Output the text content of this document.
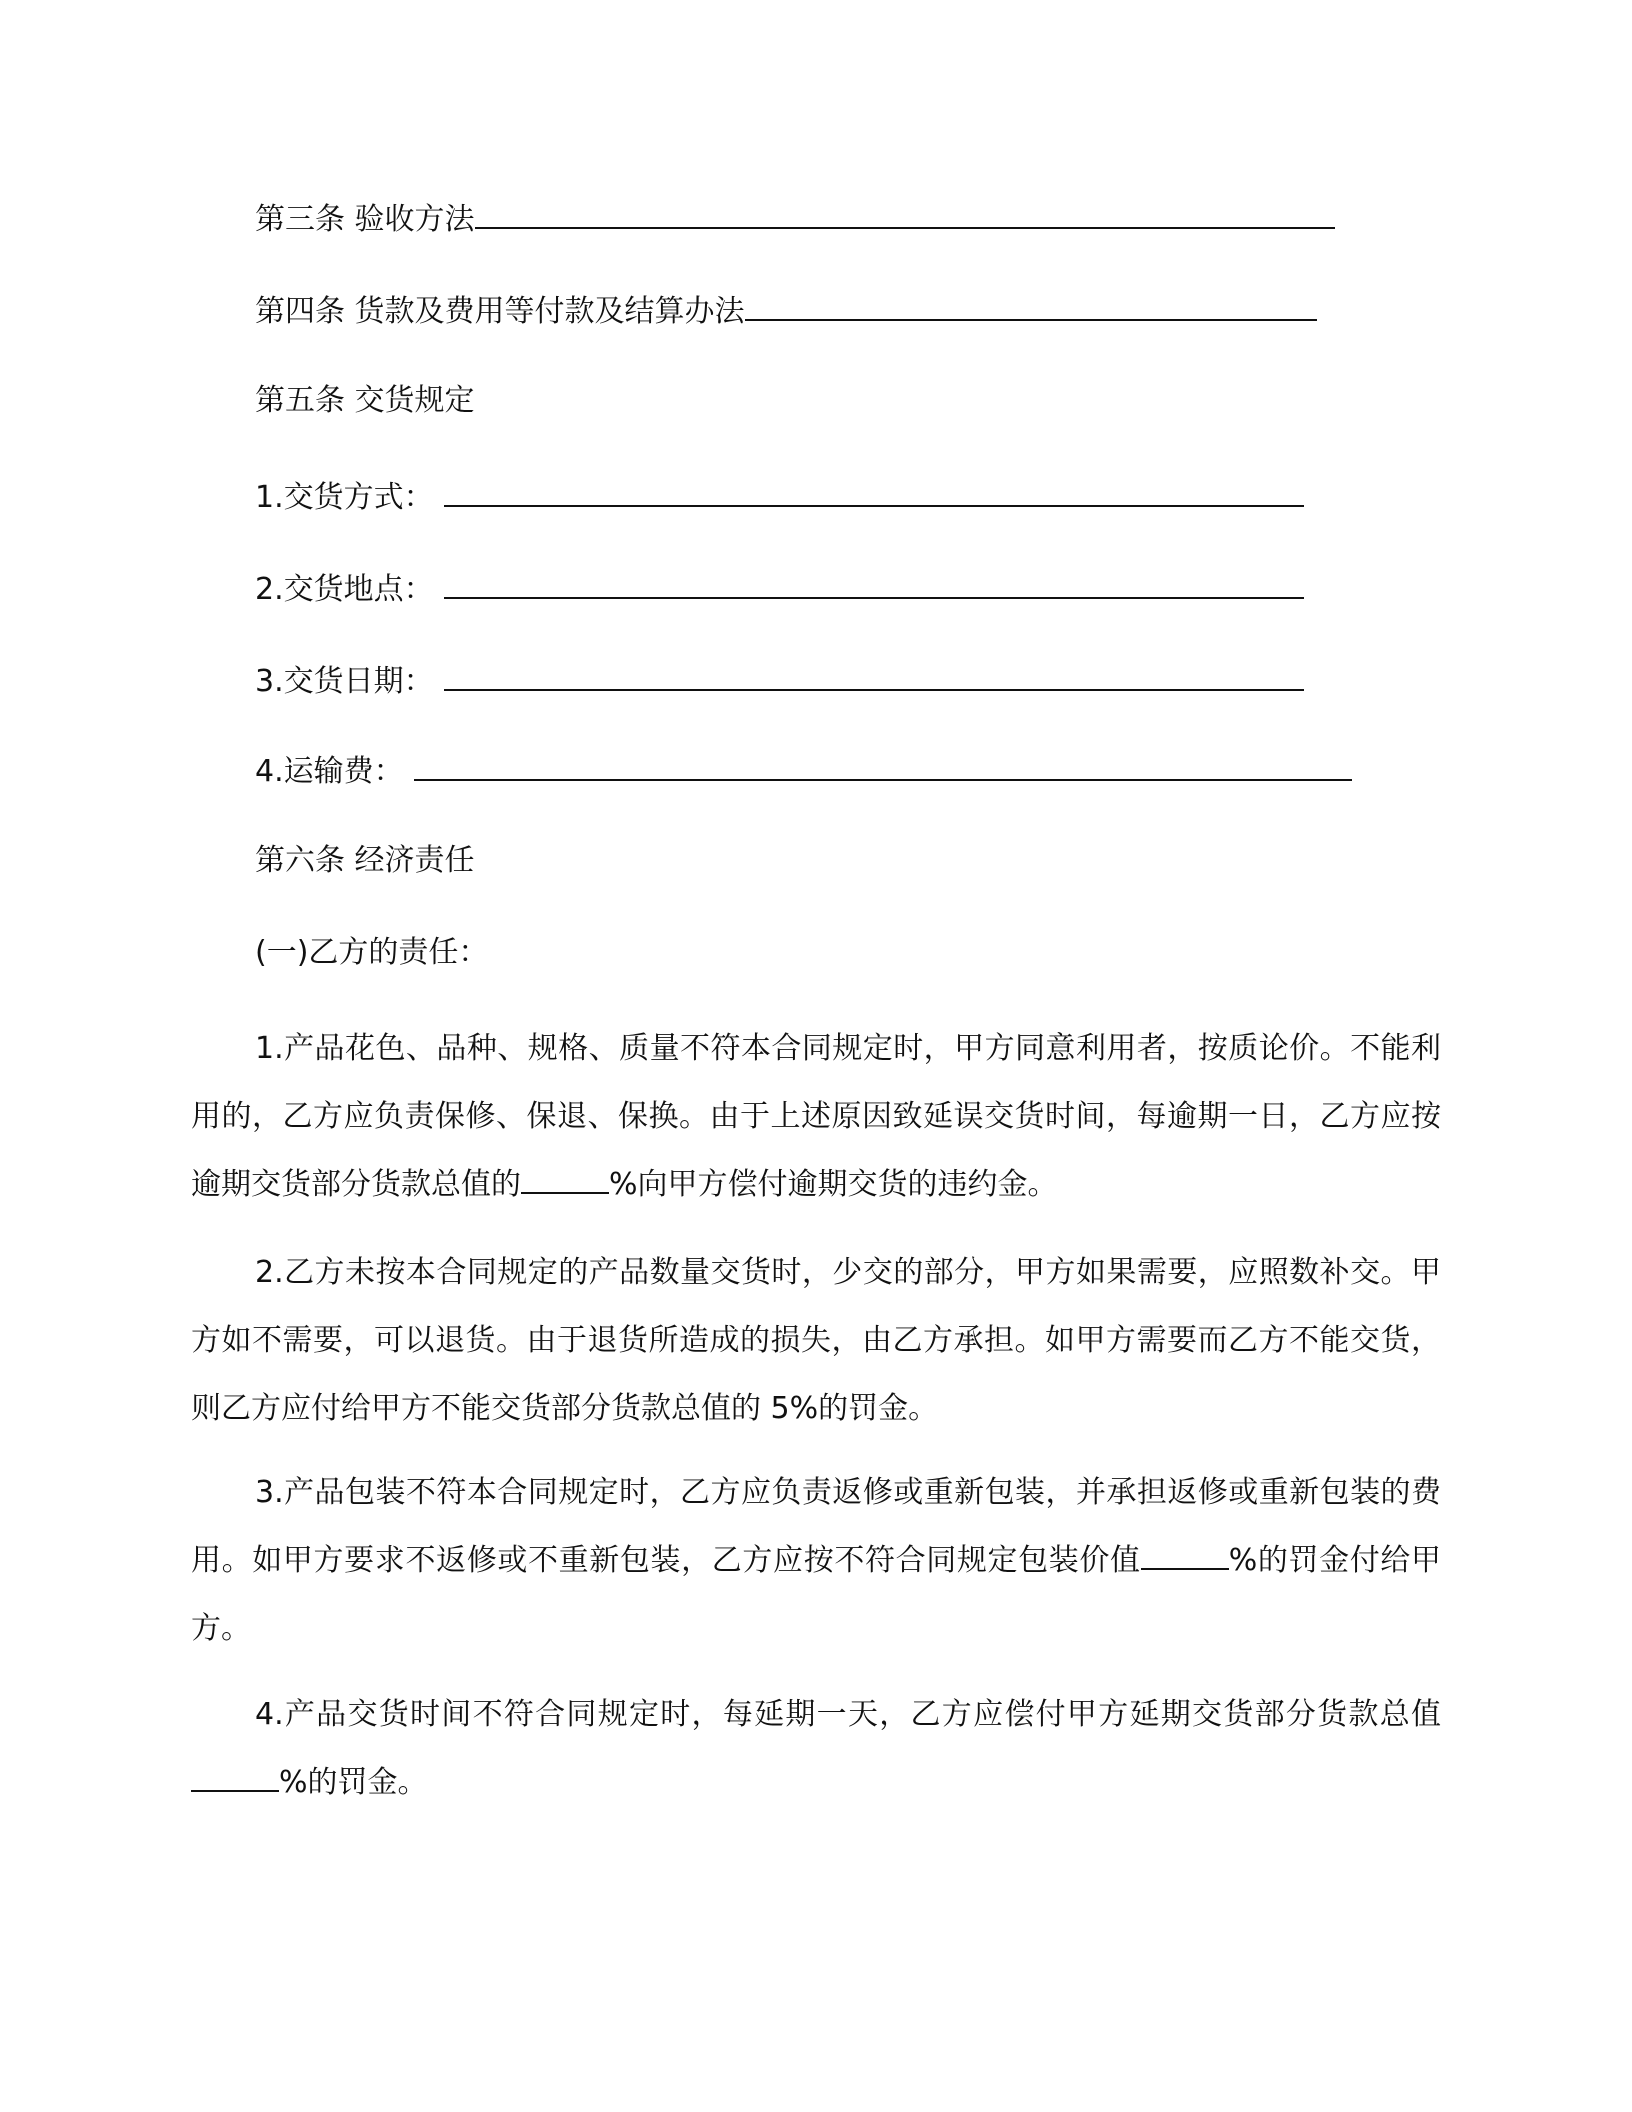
第三条 验收方法
第四条 货款及费用等付款及结算办法
第五条 交货规定
1.交货方式：
2.交货地点：
3.交货日期：
4.运输费：
第六条 经济责任
(一)乙方的责任：
1.产品花色、品种、规格、质量不符本合同规定时，甲方同意利用者，按质论价。不能利用的，乙方应负责保修、保退、保换。由于上述原因致延误交货时间，每逾期一日，乙方应按逾期交货部分货款总值的	%向甲方偿付逾期交货的违约金。
2.乙方未按本合同规定的产品数量交货时，少交的部分，甲方如果需要，应照数补交。甲方如不需要，可以退货。由于退货所造成的损失，由乙方承担。如甲方需要而乙方不能交货，则乙方应付给甲方不能交货部分货款总值的 5%的罚金。
3.产品包装不符本合同规定时，乙方应负责返修或重新包装，并承担返修或重新包装的费用。如甲方要求不返修或不重新包装，乙方应按不符合同规定包装价值	%的罚金付给甲方。
4.产品交货时间不符合同规定时，每延期一天，乙方应偿付甲方延期交货部分货款总值%的罚金。
